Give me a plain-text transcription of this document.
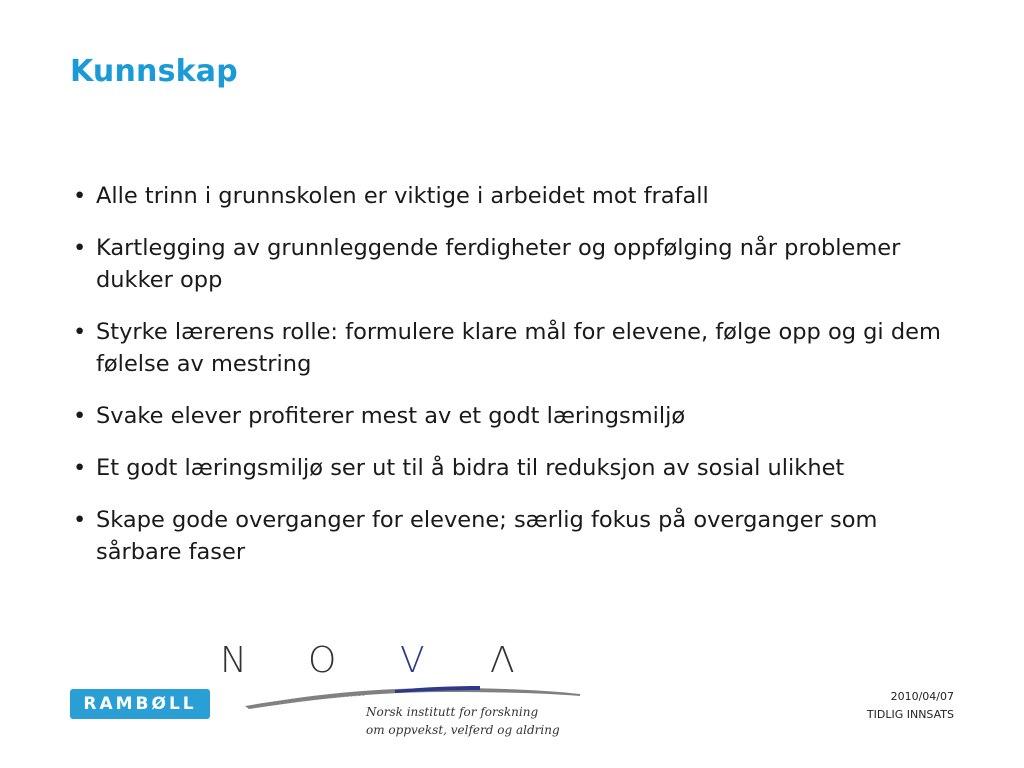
Kunnskap
• Alle trinn i grunnskolen er viktige i arbeidet mot frafall
• Kartlegging av grunnleggende ferdigheter og oppfølging når problemer dukker opp
• Styrke lærerens rolle: formulere klare mål for elevene, følge opp og gi dem følelse av mestring
• Svake elever profiterer mest av et godt læringsmiljø
• Et godt læringsmiljø ser ut til å bidra til reduksjon av sosial ulikhet
• Skape gode overganger for elevene; særlig fokus på overganger som sårbare faser
RAMBØLL
N O V Λ
Norsk institutt for forskning
om oppvekst, velferd og aldring
2010/04/07
TIDLIG INNSATS
